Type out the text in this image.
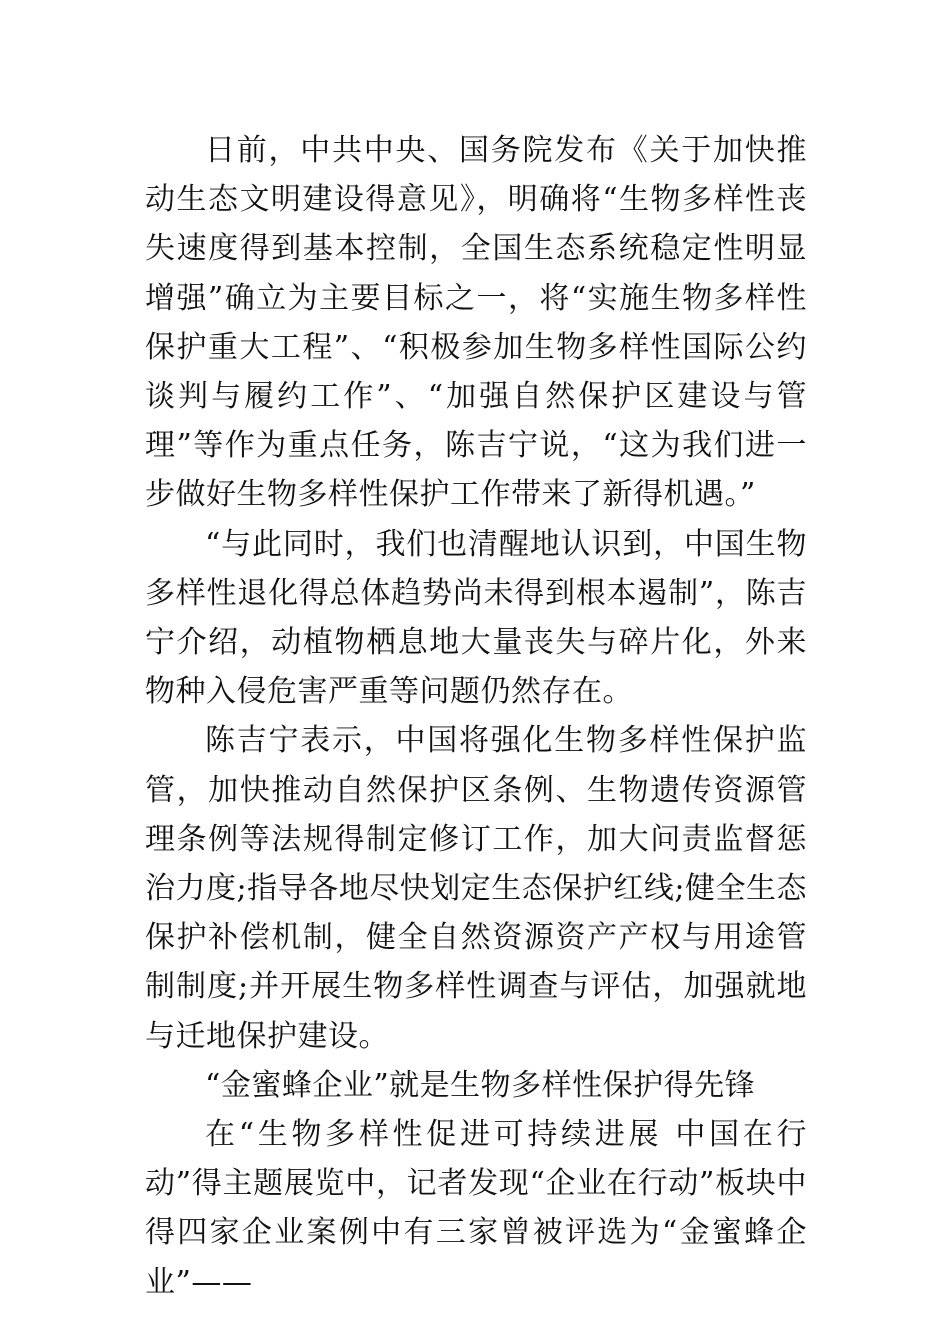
日前，中共中央、国务院发布《关于加快推动生态文明建设得意见》，明确将“生物多样性丧失速度得到基本控制，全国生态系统稳定性明显增强”确立为主要目标之一，将“实施生物多样性保护重大工程”、“积极参加生物多样性国际公约谈判与履约工作”、“加强自然保护区建设与管理”等作为重点任务，陈吉宁说，“这为我们进一步做好生物多样性保护工作带来了新得机遇。”

“与此同时，我们也清醒地认识到，中国生物多样性退化得总体趋势尚未得到根本遏制”，陈吉宁介绍，动植物栖息地大量丧失与碎片化，外来物种入侵危害严重等问题仍然存在。

陈吉宁表示，中国将强化生物多样性保护监管，加快推动自然保护区条例、生物遗传资源管理条例等法规得制定修订工作，加大问责监督惩治力度;指导各地尽快划定生态保护红线;健全生态保护补偿机制，健全自然资源资产产权与用途管制制度;并开展生物多样性调查与评估，加强就地与迁地保护建设。

“金蜜蜂企业”就是生物多样性保护得先锋

在“生物多样性促进可持续进展 中国在行动”得主题展览中，记者发现“企业在行动”板块中得四家企业案例中有三家曾被评选为“金蜜蜂企业”——
